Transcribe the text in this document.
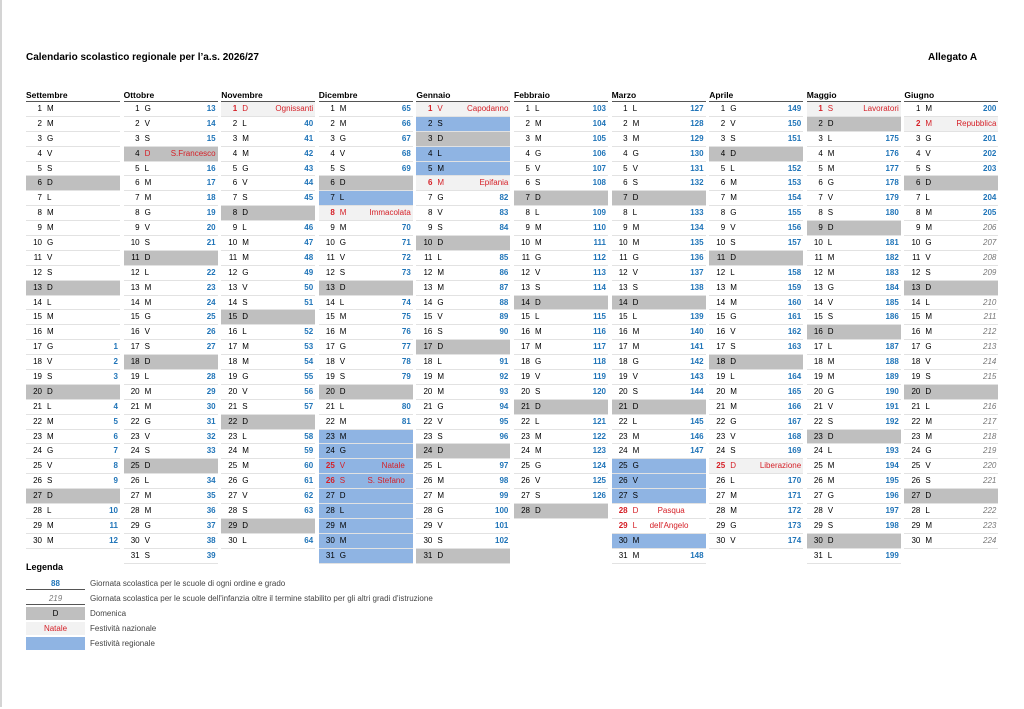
Calendario scolastico regionale per l’a.s. 2026/27	Allegato A
Settembre
1 M
2 M
3 G
4 V
5 S
6 D
7 L
8 M
9 M
10 G
11 V
12 S
13 D
14 L
15 M
16 M
17 G	1
18 V	2
19 S	3
20 D
21 L	4
22 M	5
23 M	6
24 G	7
25 V	8
26 S	9
27 D
28 L	10
29 M	11
30 M	12
Ottobre
1 G	13
2 V	14
3 S	15
4 D	S.Francesco
5 L	16
6 M	17
7 M	18
8 G	19
9 V	20
10 S	21
11 D
12 L	22
13 M	23
14 M	24
15 G	25
16 V	26
17 S	27
18 D
19 L	28
20 M	29
21 M	30
22 G	31
23 V	32
24 S	33
25 D
26 L	34
27 M	35
28 M	36
29 G	37
30 V	38
31 S	39
Novembre
1 D	Ognissanti
2 L	40
3 M	41
4 M	42
5 G	43
6 V	44
7 S	45
8 D
9 L	46
10 M	47
11 M	48
12 G	49
13 V	50
14 S	51
15 D
16 L	52
17 M	53
18 M	54
19 G	55
20 V	56
21 S	57
22 D
23 L	58
24 M	59
25 M	60
26 G	61
27 V	62
28 S	63
29 D
30 L	64
Dicembre
1 M	65
2 M	66
3 G	67
4 V	68
5 S	69
6 D
7 L
8 M	Immacolata
9 M	70
10 G	71
11 V	72
12 S	73
13 D
14 L	74
15 M	75
16 M	76
17 G	77
18 V	78
19 S	79
20 D
21 L	80
22 M	81
23 M
24 G
25 V	Natale
26 S	S. Stefano
27 D
28 L
29 M
30 M
31 G
Gennaio
1 V	Capodanno
2 S
3 D
4 L
5 M
6 M	Epifania
7 G	82
8 V	83
9 S	84
10 D
11 L	85
12 M	86
13 M	87
14 G	88
15 V	89
16 S	90
17 D
18 L	91
19 M	92
20 M	93
21 G	94
22 V	95
23 S	96
24 D
25 L	97
26 M	98
27 M	99
28 G	100
29 V	101
30 S	102
31 D
Febbraio
1 L	103
2 M	104
3 M	105
4 G	106
5 V	107
6 S	108
7 D
8 L	109
9 M	110
10 M	111
11 G	112
12 V	113
13 S	114
14 D
15 L	115
16 M	116
17 M	117
18 G	118
19 V	119
20 S	120
21 D
22 L	121
23 M	122
24 M	123
25 G	124
26 V	125
27 S	126
28 D
Marzo
1 L	127
2 M	128
3 M	129
4 G	130
5 V	131
6 S	132
7 D
8 L	133
9 M	134
10 M	135
11 G	136
12 V	137
13 S	138
14 D
15 L	139
16 M	140
17 M	141
18 G	142
19 V	143
20 S	144
21 D
22 L	145
23 M	146
24 M	147
25 G
26 V
27 S
28 D Pasqua
29 L dell'Angelo
30 M
31 M	148
Aprile
1 G	149
2 V	150
3 S	151
4 D
5 L	152
6 M	153
7 M	154
8 G	155
9 V	156
10 S	157
11 D
12 L	158
13 M	159
14 M	160
15 G	161
16 V	162
17 S	163
18 D
19 L	164
20 M	165
21 M	166
22 G	167
23 V	168
24 S	169
25 D	Liberazione
26 L	170
27 M	171
28 M	172
29 G	173
30 V	174
Maggio
1 S	Lavoratori
2 D
3 L	175
4 M	176
5 M	177
6 G	178
7 V	179
8 S	180
9 D
10 L	181
11 M	182
12 M	183
13 G	184
14 V	185
15 S	186
16 D
17 L	187
18 M	188
19 M	189
20 G	190
21 V	191
22 S	192
23 D
24 L	193
25 M	194
26 M	195
27 G	196
28 V	197
29 S	198
30 D
31 L	199
Giugno
1 M	200
2 M	Repubblica
3 G	201
4 V	202
5 S	203
6 D
7 L	204
8 M	205
9 M	206
10 G	207
11 V	208
12 S	209
13 D
14 L	210
15 M	211
16 M	212
17 G	213
18 V	214
19 S	215
20 D
21 L	216
22 M	217
23 M	218
24 G	219
25 V	220
26 S	221
27 D
28 L	222
29 M	223
30 M	224
Legenda
88	Giornata scolastica per le scuole di ogni ordine e grado
219	Giornata scolastica per le scuole dell'infanzia oltre il termine stabilito per gli altri gradi d'istruzione
D	Domenica
Natale	Festività nazionale
Festività regionale
